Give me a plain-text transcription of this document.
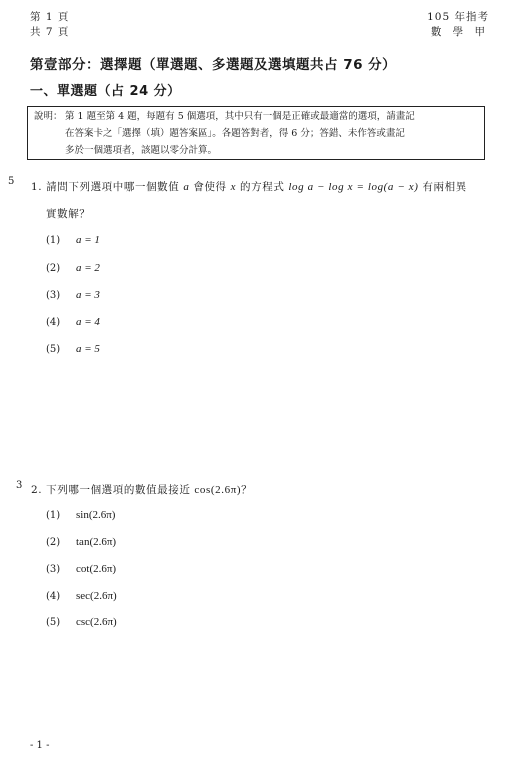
第 1 頁
共 7 頁
105 年指考
數 學 甲
第壹部分：選擇題（單選題、多選題及選填題共占 76 分）
一、單選題（占 24 分）
說明： 第 1 題至第 4 題，每題有 5 個選項，其中只有一個是正確或最適當的選項，請畫記
在答案卡之「選擇（填）題答案區」。各題答對者，得 6 分；答錯、未作答或畫記
多於一個選項者，該題以零分計算。
5 1. 請問下列選項中哪一個數值 a 會使得 x 的方程式 log a − log x = log(a − x) 有兩相異
實數解？
(1) a = 1
(2) a = 2
(3) a = 3
(4) a = 4
(5) a = 5
3 2. 下列哪一個選項的數值最接近 cos(2.6π)？
(1) sin(2.6π)
(2) tan(2.6π)
(3) cot(2.6π)
(4) sec(2.6π)
(5) csc(2.6π)
- 1 -
